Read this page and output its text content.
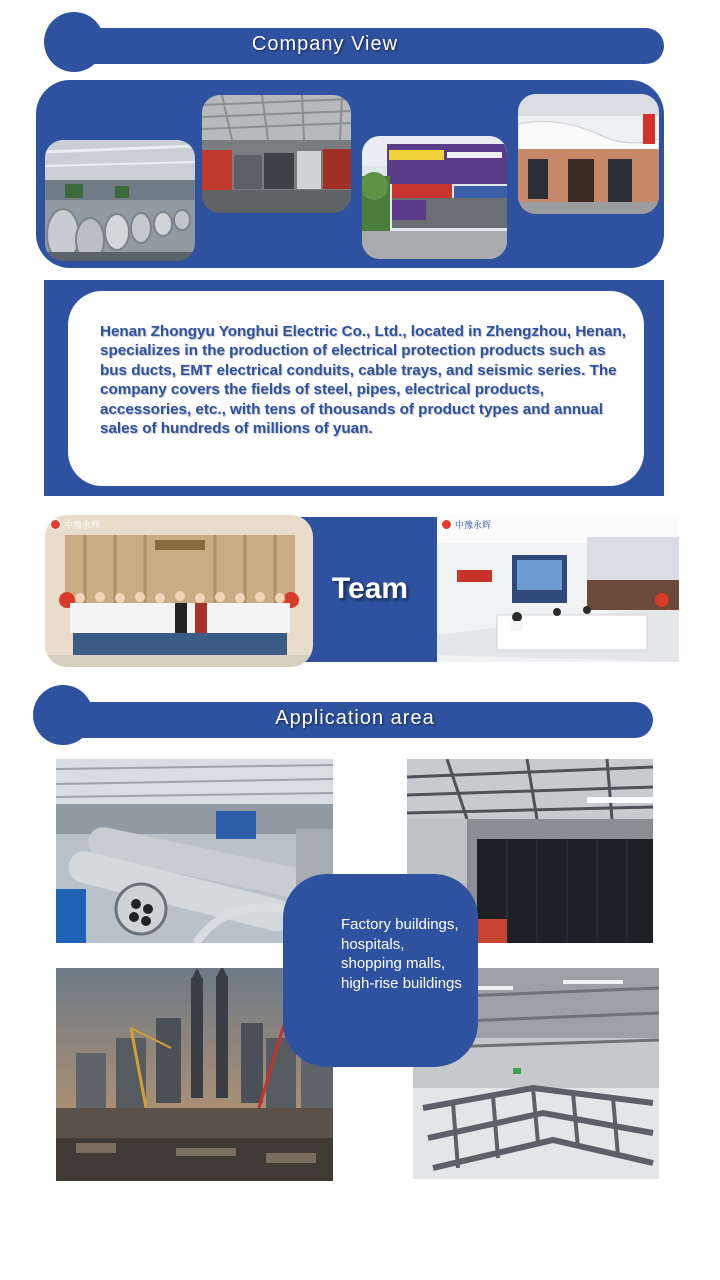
Company View
Henan Zhongyu Yonghui Electric Co., Ltd., located in Zhengzhou, Henan, specializes in the production of electrical protection products such as bus ducts, EMT electrical conduits, cable trays, and seismic series. The company covers the fields of steel, pipes, electrical products, accessories, etc., with tens of thousands of product types and annual sales of hundreds of millions of yuan.
中豫永辉
Team
中豫永辉
Application area
Factory buildings, hospitals, shopping malls, high-rise buildings
